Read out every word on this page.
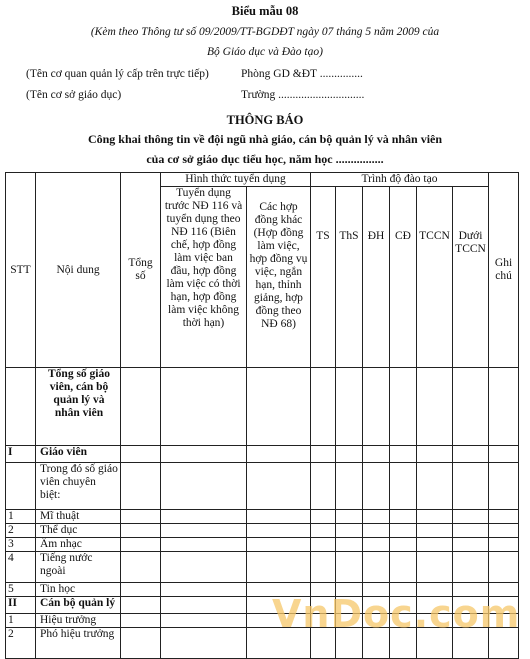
Biểu mẫu 08
(Kèm theo Thông tư số 09/2009/TT-BGDĐT ngày 07 tháng 5 năm 2009 của
Bộ Giáo dục và Đào tạo)
(Tên cơ quan quản lý cấp trên trực tiếp)	Phòng GD &ĐT ...............
(Tên cơ sở giáo dục)	Trường ..............................
THÔNG BÁO
Công khai thông tin về đội ngũ nhà giáo, cán bộ quản lý và nhân viên
của cơ sở giáo dục tiểu học, năm học ................
STT	Nội dung	Tổng số	Hình thức tuyển dụng		Trình độ đào tạo						Ghi chú
			Tuyển dụng trước NĐ 116 và tuyển dụng theo NĐ 116 (Biên chế, hợp đồng làm việc ban đầu, hợp đồng làm việc có thời hạn, hợp đồng làm việc không thời hạn)	Các hợp đồng khác (Hợp đồng làm việc, hợp đồng vụ việc, ngắn hạn, thỉnh giảng, hợp đồng theo NĐ 68)	TS	ThS	ĐH	CĐ	TCCN	Dưới TCCN	
	Tổng số giáo viên, cán bộ quản lý và nhân viên										
I	Giáo viên										
	Trong đó số giáo viên chuyên biệt:										
1	Mĩ thuật										
2	Thể dục										
3	Âm nhạc										
4	Tiếng nước ngoài										
5	Tin học										
II	Cán bộ quản lý										
1	Hiệu trưởng										
2	Phó hiệu trưởng											VnDoc.com
